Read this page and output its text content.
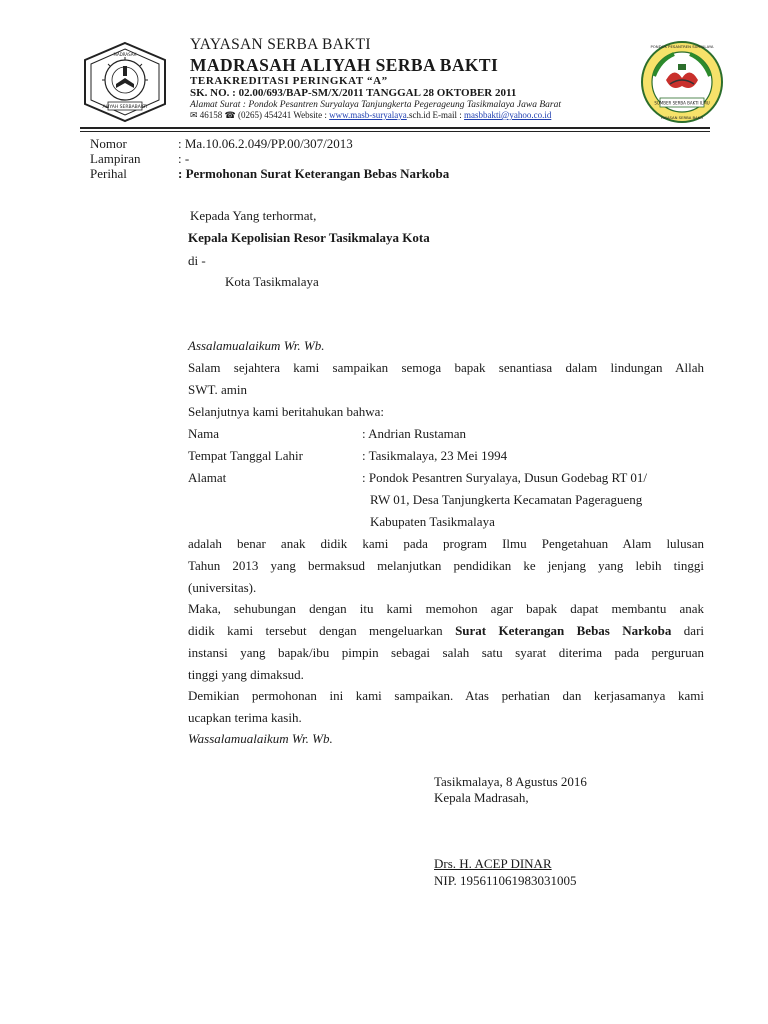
ALIYAH SERBABAKTI
MADRASAH
SUMBER SERBA BAKTI ILMU
PONDOK PESANTREN SURYALAYA
YAYASAN SERBA BAKTI
YAYASAN SERBA BAKTI
MADRASAH ALIYAH SERBA BAKTI
TERAKREDITASI PERINGKAT “A”
SK. NO. : 02.00/693/BAP-SM/X/2011 TANGGAL 28 OKTOBER 2011
Alamat Surat : Pondok Pesantren Suryalaya Tanjungkerta Pegerageung Tasikmalaya Jawa Barat
✉ 46158 ☎ (0265) 454241 Website : www.masb-suryalaya.sch.id E-mail : masbbakti@yahoo.co.id
Nomor	: Ma.10.06.2.049/PP.00/307/2013
Lampiran	: -
Perihal	: Permohonan Surat Keterangan Bebas Narkoba
Kepada Yang terhormat,
Kepala Kepolisian Resor Tasikmalaya Kota
di -
Kota Tasikmalaya
Assalamualaikum Wr. Wb.
Salam sejahtera kami sampaikan semoga bapak senantiasa dalam lindungan Allah
SWT. amin
Selanjutnya kami beritahukan bahwa:
Nama	: Andrian Rustaman
Tempat Tanggal Lahir	: Tasikmalaya, 23 Mei 1994
Alamat	: Pondok Pesantren Suryalaya, Dusun Godebag RT 01/
RW 01, Desa Tanjungkerta Kecamatan Pageragueng
Kabupaten Tasikmalaya
adalah benar anak didik kami pada program Ilmu Pengetahuan Alam lulusan
Tahun 2013 yang bermaksud melanjutkan pendidikan ke jenjang yang lebih tinggi
(universitas).
Maka, sehubungan dengan itu kami memohon agar bapak dapat membantu anak
didik kami tersebut dengan mengeluarkan Surat Keterangan Bebas Narkoba dari
instansi yang bapak/ibu pimpin sebagai salah satu syarat diterima pada perguruan
tinggi yang dimaksud.
Demikian permohonan ini kami sampaikan. Atas perhatian dan kerjasamanya kami
ucapkan terima kasih.
Wassalamualaikum Wr. Wb.
Tasikmalaya, 8 Agustus 2016
Kepala Madrasah,
Drs. H. ACEP DINAR
NIP. 195611061983031005
